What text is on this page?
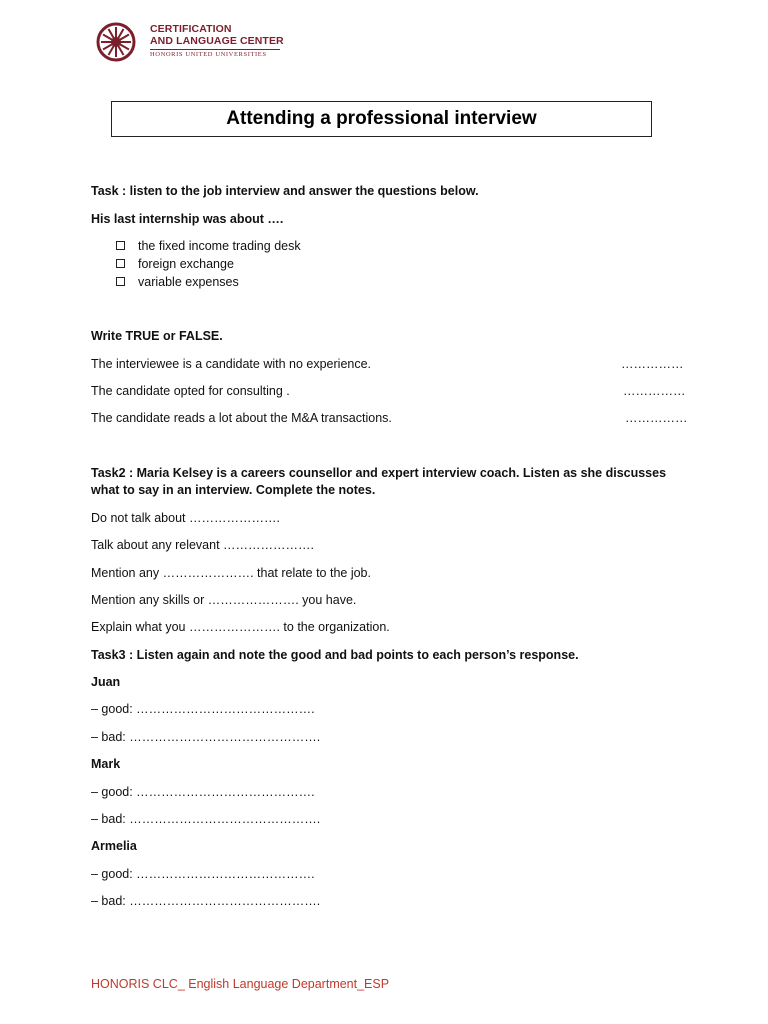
CERTIFICATION
AND LANGUAGE CENTER
HONORIS UNITED UNIVERSITIES
Attending a professional interview
Task : listen to the job interview and answer the questions below.
His last internship was about ….
the fixed income trading desk
foreign exchange
variable expenses
Write TRUE or FALSE.
The interviewee is a candidate with no experience.	……………
The candidate opted for consulting .	……………
The candidate reads a lot about the M&A transactions.	……………
Task2 : Maria Kelsey is a careers counsellor and expert interview coach. Listen as she discusses
what to say in an interview. Complete the notes.
Do not talk about ………………….
Talk about any relevant ………………….
Mention any …………………. that relate to the job.
Mention any skills or …………………. you have.
Explain what you …………………. to the organization.
Task3 : Listen again and note the good and bad points to each person’s response.
Juan
– good: …………………………………….
– bad: ……………………………………….
Mark
– good: …………………………………….
– bad: ……………………………………….
Armelia
– good: …………………………………….
– bad: ……………………………………….
HONORIS CLC_ English Language Department_ESP
